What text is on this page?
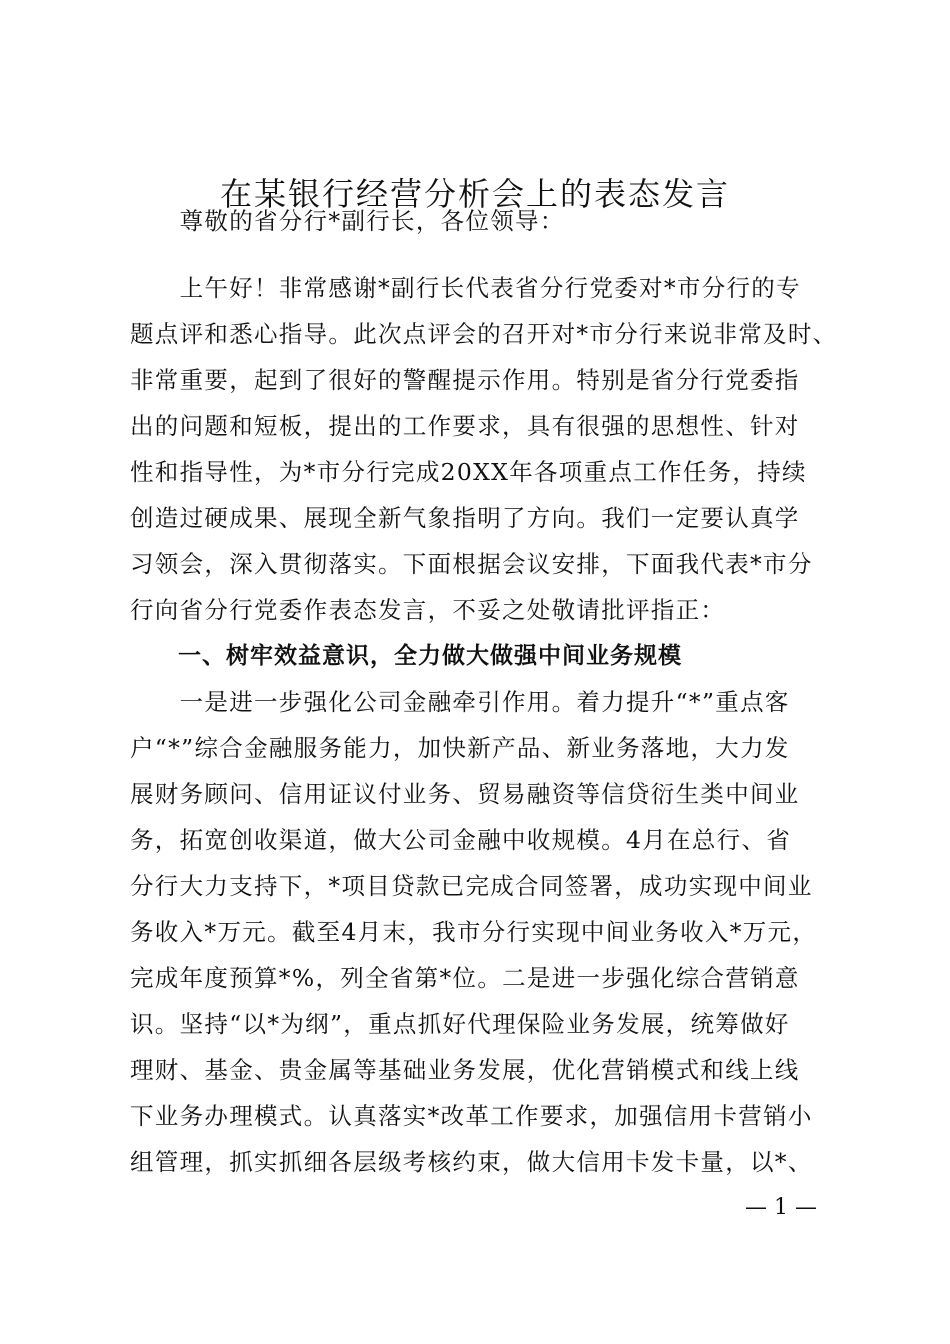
在某银行经营分析会上的表态发言
　　尊敬的省分行*副行长，各位领导：
　　上午好！非常感谢*副行长代表省分行党委对*市分行的专
题点评和悉心指导。此次点评会的召开对*市分行来说非常及时、
非常重要，起到了很好的警醒提示作用。特别是省分行党委指
出的问题和短板，提出的工作要求，具有很强的思想性、针对
性和指导性，为*市分行完成20XX年各项重点工作任务，持续
创造过硬成果、展现全新气象指明了方向。我们一定要认真学
习领会，深入贯彻落实。下面根据会议安排，下面我代表*市分
行向省分行党委作表态发言，不妥之处敬请批评指正：
　　一、树牢效益意识，全力做大做强中间业务规模
　　一是进一步强化公司金融牵引作用。着力提升“*”重点客
户“*”综合金融服务能力，加快新产品、新业务落地，大力发
展财务顾问、信用证议付业务、贸易融资等信贷衍生类中间业
务，拓宽创收渠道，做大公司金融中收规模。4月在总行、省
分行大力支持下，*项目贷款已完成合同签署，成功实现中间业
务收入*万元。截至4月末，我市分行实现中间业务收入*万元，
完成年度预算*%，列全省第*位。二是进一步强化综合营销意
识。坚持“以*为纲”，重点抓好代理保险业务发展，统筹做好
理财、基金、贵金属等基础业务发展，优化营销模式和线上线
下业务办理模式。认真落实*改革工作要求，加强信用卡营销小
组管理，抓实抓细各层级考核约束，做大信用卡发卡量，以*、
— 1 —
